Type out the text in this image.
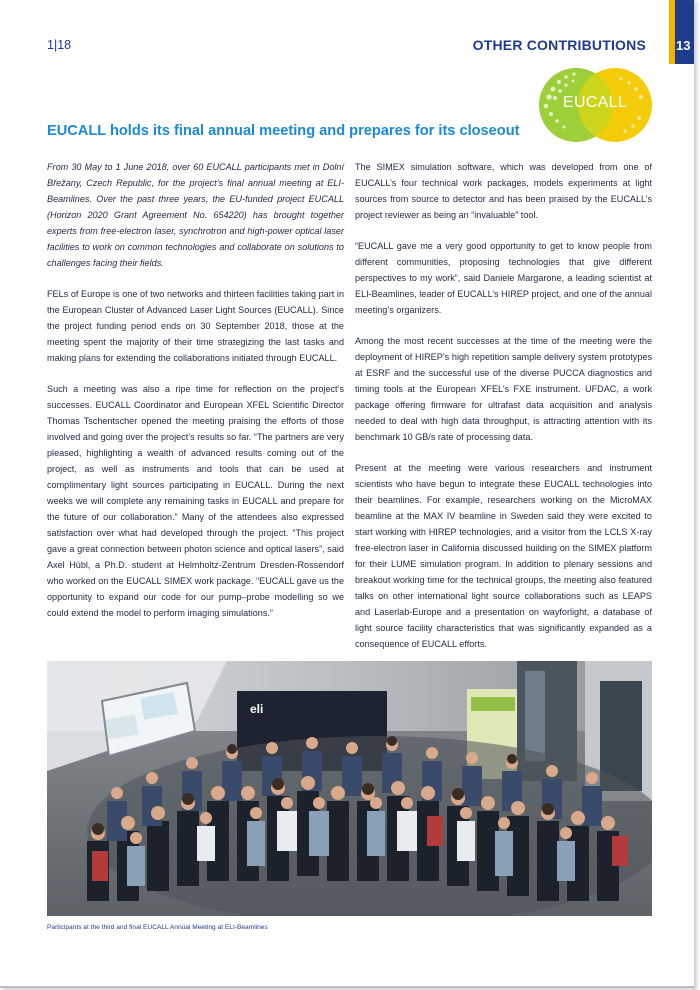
1|18	OTHER CONTRIBUTIONS 13
EUCALL
EUCALL holds its final annual meeting and prepares for its closeout

From 30 May to 1 June 2018, over 60 EUCALL participants met in Dolní Břežany, Czech Republic, for the project’s final annual meeting at ELI-Beamlines. Over the past three years, the EU-funded project EUCALL (Horizon 2020 Grant Agreement No. 654220) has brought together experts from free-electron laser, synchrotron and high-power optical laser facilities to work on common technologies and collaborate on solutions to challenges facing their fields.

FELs of Europe is one of two networks and thirteen facilities taking part in the European Cluster of Advanced Laser Light Sources (EUCALL). Since the project funding period ends on 30 September 2018, those at the meeting spent the majority of their time strategizing the last tasks and making plans for extending the collaborations initiated through EUCALL.

Such a meeting was also a ripe time for reflection on the project’s successes. EUCALL Coordinator and European XFEL Scientific Director Thomas Tschentscher opened the meeting praising the efforts of those involved and going over the project’s results so far. “The partners are very pleased, highlighting a wealth of advanced results coming out of the project, as well as instruments and tools that can be used at complimentary light sources participating in EUCALL. During the next weeks we will complete any remaining tasks in EUCALL and prepare for the future of our collaboration.” Many of the attendees also expressed satisfaction over what had developed through the project. “This project gave a great connection between photon science and optical lasers”, said Axel Hübl, a Ph.D. student at Helmholtz-Zentrum Dresden-Rossendorf who worked on the EUCALL SIMEX work package. “EUCALL gave us the opportunity to expand our code for our pump–probe modelling so we could extend the model to perform imaging simulations.”

The SIMEX simulation software, which was developed from one of EUCALL’s four technical work packages, models experiments at light sources from source to detector and has been praised by the EUCALL’s project reviewer as being an “invaluable” tool.

“EUCALL gave me a very good opportunity to get to know people from different communities, proposing technologies that give different perspectives to my work”, said Daniele Margarone, a leading scientist at ELI-Beamlines, leader of EUCALL’s HIREP project, and one of the annual meeting’s organizers.

Among the most recent successes at the time of the meeting were the deployment of HIREP’s high repetition sample delivery system prototypes at ESRF and the successful use of the diverse PUCCA diagnostics and timing tools at the European XFEL’s FXE instrument. UFDAC, a work package offering firmware for ultrafast data acquisition and analysis needed to deal with high data throughput, is attracting attention with its benchmark 10 GB/s rate of processing data.

Present at the meeting were various researchers and instrument scientists who have begun to integrate these EUCALL technologies into their beamlines. For example, researchers working on the MicroMAX beamline at the MAX IV beamline in Sweden said they were excited to start working with HIREP technologies, and a visitor from the LCLS X-ray free-electron laser in California discussed building on the SIMEX platform for their LUME simulation program. In addition to plenary sessions and breakout working time for the technical groups, the meeting also featured talks on other international light source collaborations such as LEAPS and Laserlab-Europe and a presentation on wayforlight, a database of light source facility characteristics that was significantly expanded as a consequence of EUCALL efforts.

eli
Participants at the third and final EUCALL Annual Meeting at ELI-Beamlines
